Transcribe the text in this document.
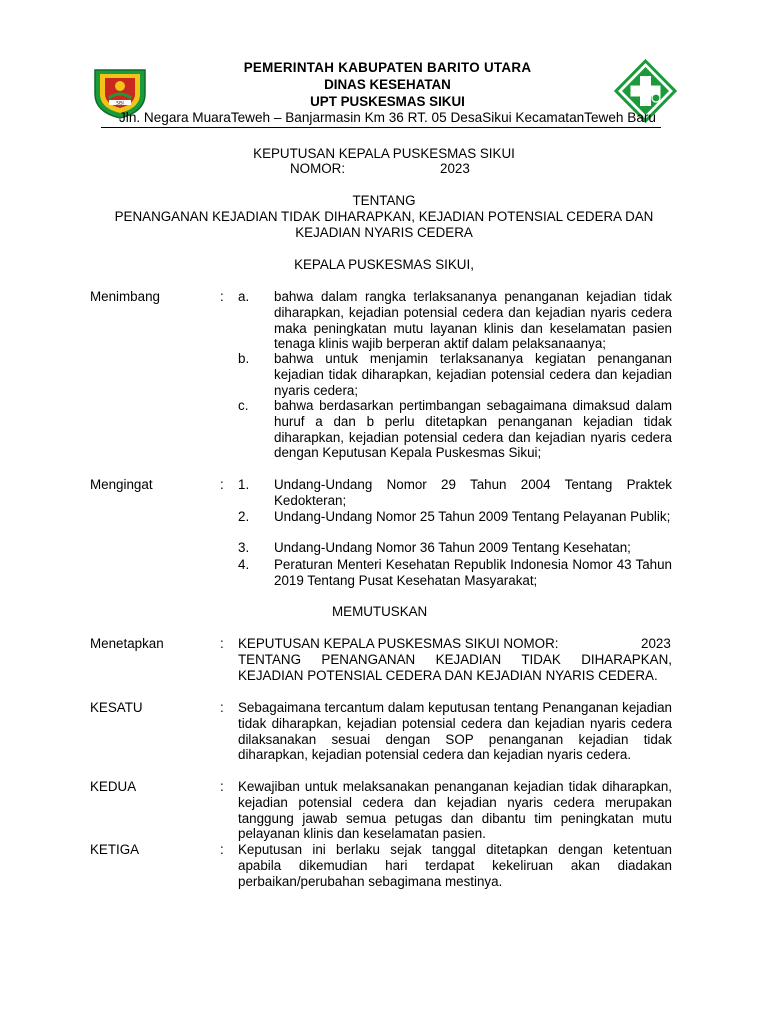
SISI
PEMERINTAH KABUPATEN BARITO UTARA
DINAS KESEHATAN
UPT PUSKESMAS SIKUI
Jln. Negara MuaraTeweh – Banjarmasin Km 36 RT. 05 DesaSikui KecamatanTeweh Baru
KEPUTUSAN KEPALA PUSKESMAS SIKUI
NOMOR:	2023
TENTANG
PENANGANAN KEJADIAN TIDAK DIHARAPKAN, KEJADIAN POTENSIAL CEDERA DAN
KEJADIAN NYARIS CEDERA
KEPALA PUSKESMAS SIKUI,
Menimbang	: a. bahwa dalam rangka terlaksananya penanganan kejadian tidak diharapkan, kejadian potensial cedera dan kejadian nyaris cedera maka peningkatan mutu layanan klinis dan keselamatan pasien tenaga klinis wajib berperan aktif dalam pelaksanaanya;
b. bahwa untuk menjamin terlaksananya kegiatan penanganan kejadian tidak diharapkan, kejadian potensial cedera dan kejadian nyaris cedera;
c. bahwa berdasarkan pertimbangan sebagaimana dimaksud dalam huruf a dan b perlu ditetapkan penanganan kejadian tidak diharapkan, kejadian potensial cedera dan kejadian nyaris cedera dengan Keputusan Kepala Puskesmas Sikui;
Mengingat	: 1. Undang-Undang Nomor 29 Tahun 2004 Tentang Praktek Kedokteran;
2. Undang-Undang Nomor 25 Tahun 2009 Tentang Pelayanan Publik;
3. Undang-Undang Nomor 36 Tahun 2009 Tentang Kesehatan;
4. Peraturan Menteri Kesehatan Republik Indonesia Nomor 43 Tahun 2019 Tentang Pusat Kesehatan Masyarakat;
MEMUTUSKAN
Menetapkan	: KEPUTUSAN KEPALA PUSKESMAS SIKUI NOMOR:	2023
TENTANG PENANGANAN KEJADIAN TIDAK DIHARAPKAN, KEJADIAN POTENSIAL CEDERA DAN KEJADIAN NYARIS CEDERA.
KESATU	: Sebagaimana tercantum dalam keputusan tentang Penanganan kejadian tidak diharapkan, kejadian potensial cedera dan kejadian nyaris cedera dilaksanakan sesuai dengan SOP penanganan kejadian tidak diharapkan, kejadian potensial cedera dan kejadian nyaris cedera.
KEDUA	: Kewajiban untuk melaksanakan penanganan kejadian tidak diharapkan, kejadian potensial cedera dan kejadian nyaris cedera merupakan tanggung jawab semua petugas dan dibantu tim peningkatan mutu pelayanan klinis dan keselamatan pasien.
KETIGA	: Keputusan ini berlaku sejak tanggal ditetapkan dengan ketentuan apabila dikemudian hari terdapat kekeliruan akan diadakan perbaikan/perubahan sebagimana mestinya.
